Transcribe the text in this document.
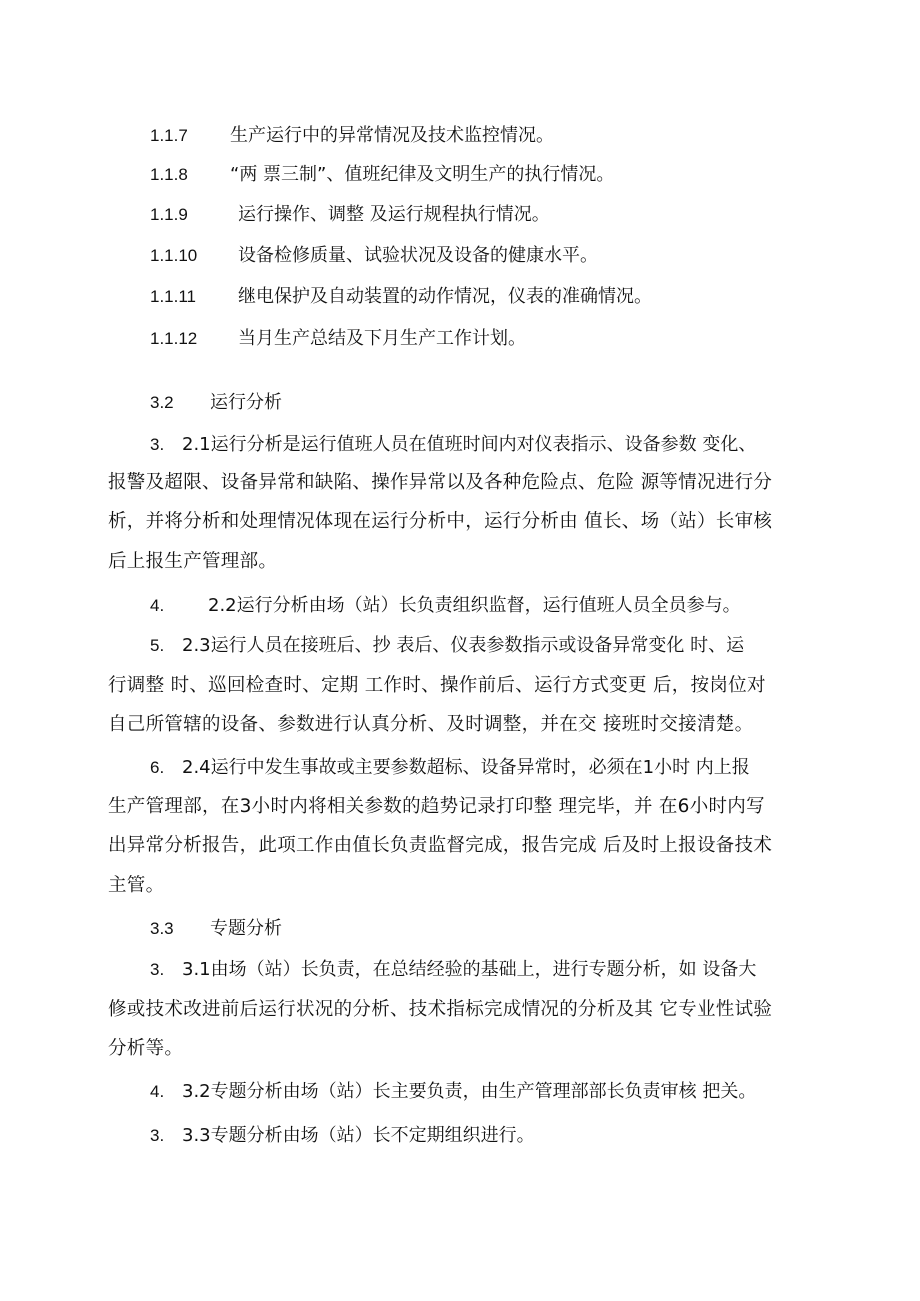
1.1.7 生产运行中的异常情况及技术监控情况。
1.1.8 “两 票三制”、值班纪律及文明生产的执行情况。
1.1.9	运行操作、调整 及运行规程执行情况。
1.1.10 设备检修质量、试验状况及设备的健康水平。
1.1.11 继电保护及自动装置的动作情况，仪表的准确情况。
1.1.12 当月生产总结及下月生产工作计划。
3.2 运行分析
3. 2.1运行分析是运行值班人员在值班时间内对仪表指示、设备参数 变化、
报警及超限、设备异常和缺陷、操作异常以及各种危险点、危险 源等情况进行分
析，并将分析和处理情况体现在运行分析中，运行分析由 值长、场（站）长审核
后上报生产管理部。
4. 2.2运行分析由场（站）长负责组织监督，运行值班人员全员参与。
5. 2.3运行人员在接班后、抄 表后、仪表参数指示或设备异常变化 时、运
行调整 时、巡回检查时、定期 工作时、操作前后、运行方式变更 后，按岗位对
自己所管辖的设备、参数进行认真分析、及时调整，并在交 接班时交接清楚。
6. 2.4运行中发生事故或主要参数超标、设备异常时，必须在1小时 内上报
生产管理部，在3小时内将相关参数的趋势记录打印整 理完毕，并 在6小时内写
出异常分析报告，此项工作由值长负责监督完成，报告完成 后及时上报设备技术
主管。
3.3 专题分析
3. 3.1由场（站）长负责，在总结经验的基础上，进行专题分析，如 设备大
修或技术改进前后运行状况的分析、技术指标完成情况的分析及其 它专业性试验
分析等。
4. 3.2专题分析由场（站）长主要负责，由生产管理部部长负责审核 把关。
3. 3.3专题分析由场（站）长不定期组织进行。
